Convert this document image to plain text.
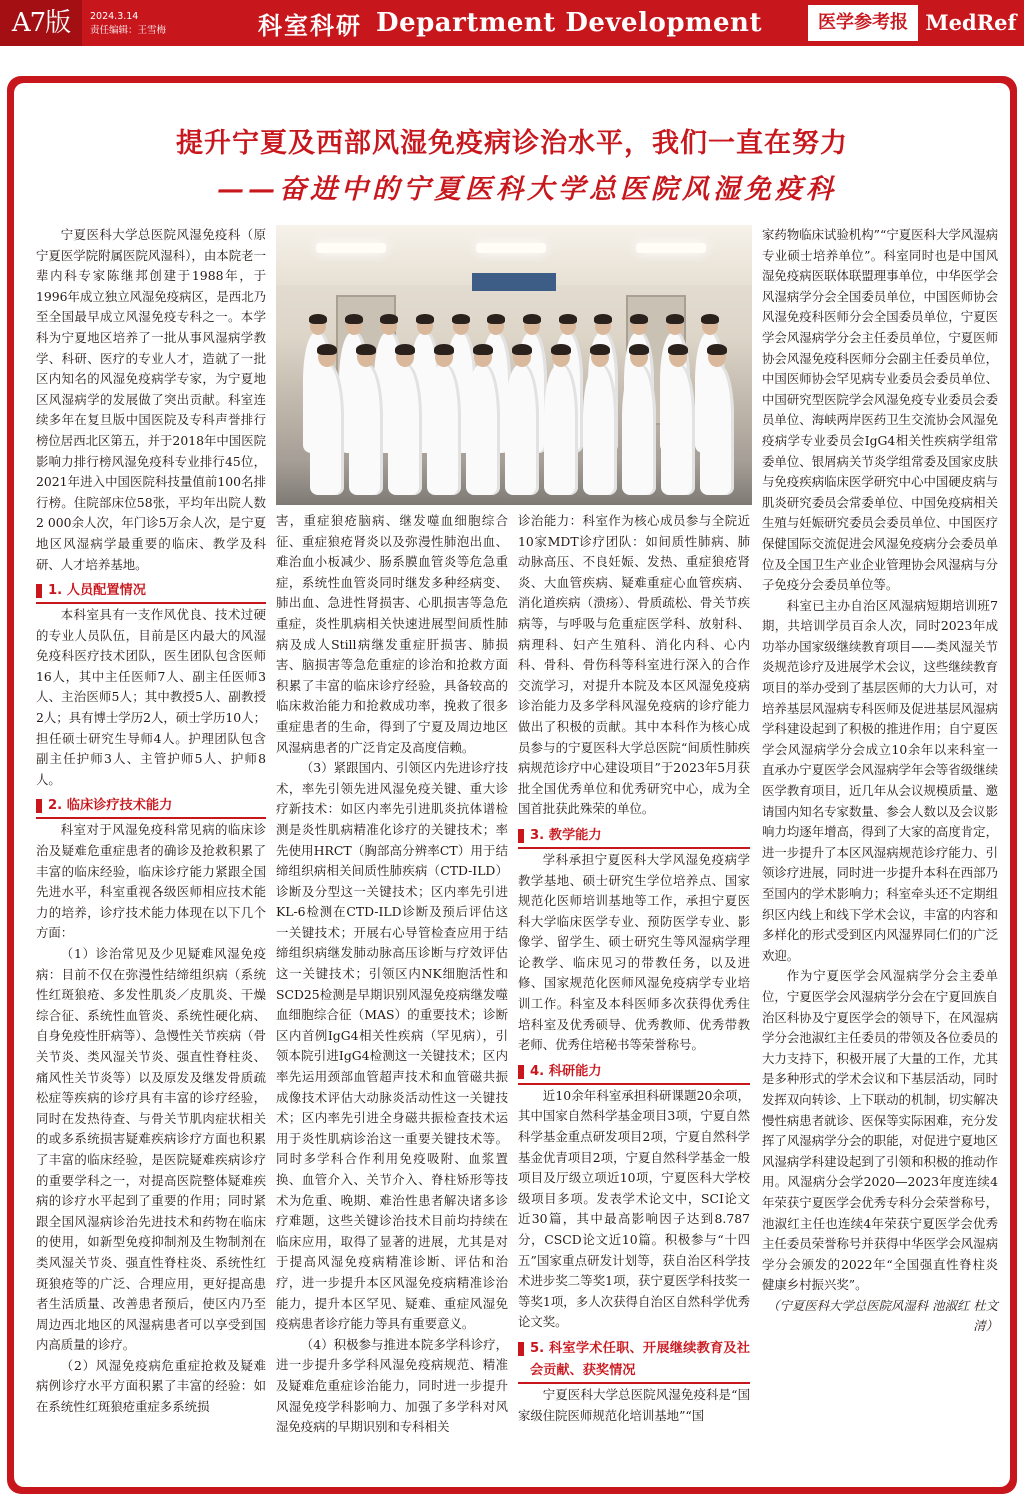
A7版	2024.3.14
责任编辑：王雪梅	科室科研 Department Development	医学参考报 MedRef
提升宁夏及西部风湿免疫病诊治水平，我们一直在努力
——奋进中的宁夏医科大学总医院风湿免疫科

宁夏医科大学总医院风湿免疫科（原宁夏医学院附属医院风湿科），由本院老一辈内科专家陈继邦创建于1988年，于1996年成立独立风湿免疫病区，是西北乃至全国最早成立风湿免疫专科之一。本学科为宁夏地区培养了一批从事风湿病学教学、科研、医疗的专业人才，造就了一批区内知名的风湿免疫病学专家，为宁夏地区风湿病学的发展做了突出贡献。科室连续多年在复旦版中国医院及专科声誉排行榜位居西北区第五，并于2018年中国医院影响力排行榜风湿免疫科专业排行45位，2021年进入中国医院科技量值前100名排行榜。住院部床位58张，平均年出院人数2 000余人次，年门诊5万余人次，是宁夏地区风湿病学最重要的临床、教学及科研、人才培养基地。

1. 人员配置情况

本科室具有一支作风优良、技术过硬的专业人员队伍，目前是区内最大的风湿免疫科医疗技术团队，医生团队包含医师16人，其中主任医师7人、副主任医师3人、主治医师5人；其中教授5人、副教授2人；具有博士学历2人，硕士学历10人；担任硕士研究生导师4人。护理团队包含副主任护师3人、主管护师5人、护师8人。

2. 临床诊疗技术能力

科室对于风湿免疫科常见病的临床诊治及疑难危重症患者的确诊及抢救积累了丰富的临床经验，临床诊疗能力紧跟全国先进水平，科室重视各级医师相应技术能力的培养，诊疗技术能力体现在以下几个方面：

（1）诊治常见及少见疑难风湿免疫病：目前不仅在弥漫性结缔组织病（系统性红斑狼疮、多发性肌炎／皮肌炎、干燥综合征、系统性血管炎、系统性硬化病、自身免疫性肝病等）、急慢性关节疾病（骨关节炎、类风湿关节炎、强直性脊柱炎、痛风性关节炎等）以及原发及继发骨质疏松症等疾病的诊疗具有丰富的诊疗经验，同时在发热待查、与骨关节肌肉症状相关的或多系统损害疑难疾病诊疗方面也积累了丰富的临床经验，是医院疑难疾病诊疗的重要学科之一，对提高医院整体疑难疾病的诊疗水平起到了重要的作用；同时紧跟全国风湿病诊治先进技术和药物在临床的使用，如新型免疫抑制剂及生物制剂在类风湿关节炎、强直性脊柱炎、系统性红斑狼疮等的广泛、合理应用，更好提高患者生活质量、改善患者预后，使区内乃至周边西北地区的风湿病患者可以享受到国内高质量的诊疗。

（2）风湿免疫病危重症抢救及疑难病例诊疗水平方面积累了丰富的经验：如在系统性红斑狼疮重症多系统损

害，重症狼疮脑病、继发噬血细胞综合征、重症狼疮肾炎以及弥漫性肺泡出血、难治血小板减少、肠系膜血管炎等危急重症，系统性血管炎同时继发多种经病变、肺出血、急进性肾损害、心肌损害等急危重症，炎性肌病相关快速进展型间质性肺病及成人Still病继发重症肝损害、肺损害、脑损害等急危重症的诊治和抢救方面积累了丰富的临床诊疗经验，具备较高的临床救治能力和抢救成功率，挽救了很多重症患者的生命，得到了宁夏及周边地区风湿病患者的广泛肯定及高度信赖。

（3）紧跟国内、引领区内先进诊疗技术，率先引领先进风湿免疫关键、重大诊疗新技术：如区内率先引进肌炎抗体谱检测是炎性肌病精准化诊疗的关键技术；率先使用HRCT（胸部高分辨率CT）用于结缔组织病相关间质性肺疾病（CTD-ILD）诊断及分型这一关键技术；区内率先引进KL-6检测在CTD-ILD诊断及预后评估这一关键技术；开展右心导管检查应用于结缔组织病继发肺动脉高压诊断与疗效评估这一关键技术；引领区内NK细胞活性和SCD25检测是早期识别风湿免疫病继发噬血细胞综合征（MAS）的重要技术；诊断区内首例IgG4相关性疾病（罕见病），引领本院引进IgG4检测这一关键技术；区内率先运用颈部血管超声技术和血管磁共振成像技术评估大动脉炎活动性这一关键技术；区内率先引进全身磁共振检查技术运用于炎性肌病诊治这一重要关键技术等。同时多学科合作利用免疫吸附、血浆置换、血管介入、关节介入、脊柱矫形等技术为危重、晚期、难治性患者解决诸多诊疗难题，这些关键诊治技术目前均持续在临床应用，取得了显著的进展，尤其是对于提高风湿免疫病精准诊断、评估和治疗，进一步提升本区风湿免疫病精准诊治能力，提升本区罕见、疑难、重症风湿免疫病患者诊疗能力等具有重要意义。

（4）积极参与推进本院多学科诊疗，进一步提升多学科风湿免疫病规范、精准及疑难危重症诊治能力，同时进一步提升风湿免疫学科影响力、加强了多学科对风湿免疫病的早期识别和专科相关

诊治能力：科室作为核心成员参与全院近10家MDT诊疗团队：如间质性肺病、肺动脉高压、不良妊娠、发热、重症狼疮肾炎、大血管疾病、疑难重症心血管疾病、消化道疾病（溃疡）、骨质疏松、骨关节疾病等，与呼吸与危重症医学科、放射科、病理科、妇产生殖科、消化内科、心内科、骨科、骨伤科等科室进行深入的合作交流学习，对提升本院及本区风湿免疫病诊治能力及多学科风湿免疫病的诊疗能力做出了积极的贡献。其中本科作为核心成员参与的宁夏医科大学总医院“间质性肺疾病规范诊疗中心建设项目”于2023年5月获批全国优秀单位和优秀研究中心，成为全国首批获此殊荣的单位。

3. 教学能力

学科承担宁夏医科大学风湿免疫病学教学基地、硕士研究生学位培养点、国家规范化医师培训基地等工作，承担宁夏医科大学临床医学专业、预防医学专业、影像学、留学生、硕士研究生等风湿病学理论教学、临床见习的带教任务，以及进修、国家规范化医师风湿免疫病学专业培训工作。科室及本科医师多次获得优秀住培科室及优秀硕导、优秀教师、优秀带教老师、优秀住培秘书等荣誉称号。

4. 科研能力

近10余年科室承担科研课题20余项，其中国家自然科学基金项目3项，宁夏自然科学基金重点研发项目2项，宁夏自然科学基金优青项目2项，宁夏自然科学基金一般项目及厅级立项近10项，宁夏医科大学校级项目多项。发表学术论文中，SCI论文近30篇，其中最高影响因子达到8.787分，CSCD论文近10篇。积极参与“十四五”国家重点研发计划等，获自治区科学技术进步奖二等奖1项，获宁夏医学科技奖一等奖1项，多人次获得自治区自然科学优秀论文奖。

5. 科室学术任职、开展继续教育及社会贡献、获奖情况

宁夏医科大学总医院风湿免疫科是“国家级住院医师规范化培训基地”“国

家药物临床试验机构”“宁夏医科大学风湿病专业硕士培养单位”。科室同时也是中国风湿免疫病医联体联盟理事单位，中华医学会风湿病学分会全国委员单位，中国医师协会风湿免疫科医师分会全国委员单位，宁夏医学会风湿病学分会主任委员单位，宁夏医师协会风湿免疫科医师分会副主任委员单位，中国医师协会罕见病专业委员会委员单位、中国研究型医院学会风湿免疫专业委员会委员单位、海峡两岸医药卫生交流协会风湿免疫病学专业委员会IgG4相关性疾病学组常委单位、银屑病关节炎学组常委及国家皮肤与免疫疾病临床医学研究中心中国硬皮病与肌炎研究委员会常委单位、中国免疫病相关生殖与妊娠研究委员会委员单位、中国医疗保健国际交流促进会风湿免疫病分会委员单位及全国卫生产业企业管理协会风湿病与分子免疫分会委员单位等。

科室已主办自治区风湿病短期培训班7期，共培训学员百余人次，同时2023年成功举办国家级继续教育项目——类风湿关节炎规范诊疗及进展学术会议，这些继续教育项目的举办受到了基层医师的大力认可，对培养基层风湿病专科医师及促进基层风湿病学科建设起到了积极的推进作用；自宁夏医学会风湿病学分会成立10余年以来科室一直承办宁夏医学会风湿病学年会等省级继续医学教育项目，近几年从会议规模质量、邀请国内知名专家数量、参会人数以及会议影响力均逐年增高，得到了大家的高度肯定，进一步提升了本区风湿病规范诊疗能力、引领诊疗进展，同时进一步提升本科在西部乃至国内的学术影响力；科室牵头还不定期组织区内线上和线下学术会议，丰富的内容和多样化的形式受到区内风湿界同仁们的广泛欢迎。

作为宁夏医学会风湿病学分会主委单位，宁夏医学会风湿病学分会在宁夏回族自治区科协及宁夏医学会的领导下，在风湿病学分会池淑红主任委员的带领及各位委员的大力支持下，积极开展了大量的工作，尤其是多种形式的学术会议和下基层活动，同时发挥双向转诊、上下联动的机制，切实解决慢性病患者就诊、医保等实际困难，充分发挥了风湿病学分会的职能，对促进宁夏地区风湿病学科建设起到了引领和积极的推动作用。风湿病分会学2020—2023年度连续4年荣获宁夏医学会优秀专科分会荣誉称号，池淑红主任也连续4年荣获宁夏医学会优秀主任委员荣誉称号并获得中华医学会风湿病学分会颁发的2022年“全国强直性脊柱炎健康乡村振兴奖”。

（宁夏医科大学总医院风湿科 池淑红 杜文清）
